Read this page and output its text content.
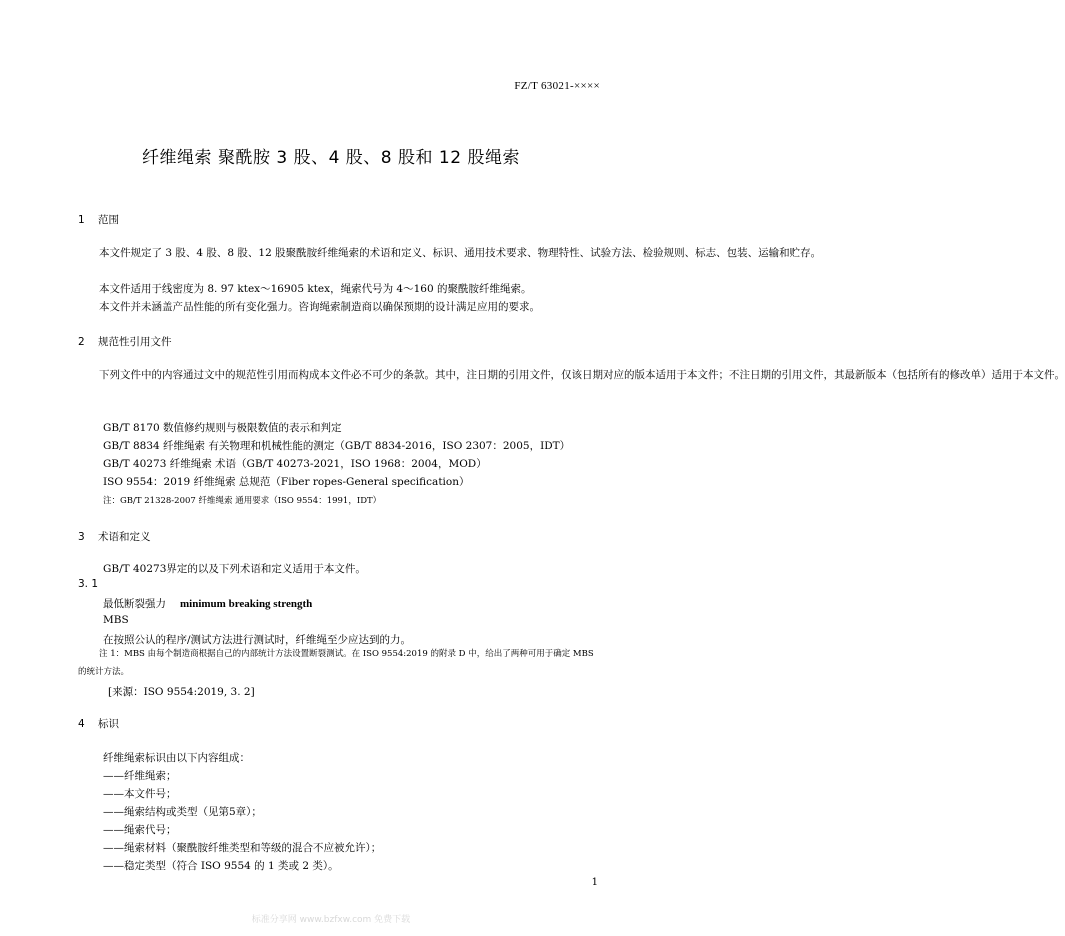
FZ/T 63021-××××
纤维绳索 聚酰胺 3 股、4 股、8 股和 12 股绳索
1 范围
本文件规定了 3 股、4 股、8 股、12 股聚酰胺纤维绳索的术语和定义、标识、通用技术要求、物理特性、试验方法、检验规则、标志、包装、运输和贮存。
本文件适用于线密度为 8. 97 ktex～16905 ktex，绳索代号为 4～160 的聚酰胺纤维绳索。
本文件并未涵盖产品性能的所有变化强力。咨询绳索制造商以确保预期的设计满足应用的要求。
2 规范性引用文件
下列文件中的内容通过文中的规范性引用而构成本文件必不可少的条款。其中，注日期的引用文件，仅该日期对应的版本适用于本文件；不注日期的引用文件，其最新版本（包括所有的修改单）适用于本文件。
GB/T 8170 数值修约规则与极限数值的表示和判定
GB/T 8834 纤维绳索 有关物理和机械性能的测定（GB/T 8834-2016，ISO 2307：2005，IDT）
GB/T 40273 纤维绳索 术语（GB/T 40273-2021，ISO 1968：2004，MOD）
ISO 9554：2019 纤维绳索 总规范（Fiber ropes-General specification）
注：GB/T 21328-2007 纤维绳索 通用要求（ISO 9554：1991，IDT）
3 术语和定义
GB/T 40273界定的以及下列术语和定义适用于本文件。
3. 1
最低断裂强力 minimum breaking strength
MBS
在按照公认的程序/测试方法进行测试时，纤维绳至少应达到的力。
注 1：MBS 由每个制造商根据自己的内部统计方法设置断裂测试。在 ISO 9554:2019 的附录 D 中，给出了两种可用于确定 MBS 的统计方法。
[来源：ISO 9554:2019, 3. 2]
4 标识
纤维绳索标识由以下内容组成：
——纤维绳索；
——本文件号；
——绳索结构或类型（见第5章）；
——绳索代号；
——绳索材料（聚酰胺纤维类型和等级的混合不应被允许）；
——稳定类型（符合 ISO 9554 的 1 类或 2 类）。
1
标准分享网 www.bzfxw.com 免费下载
